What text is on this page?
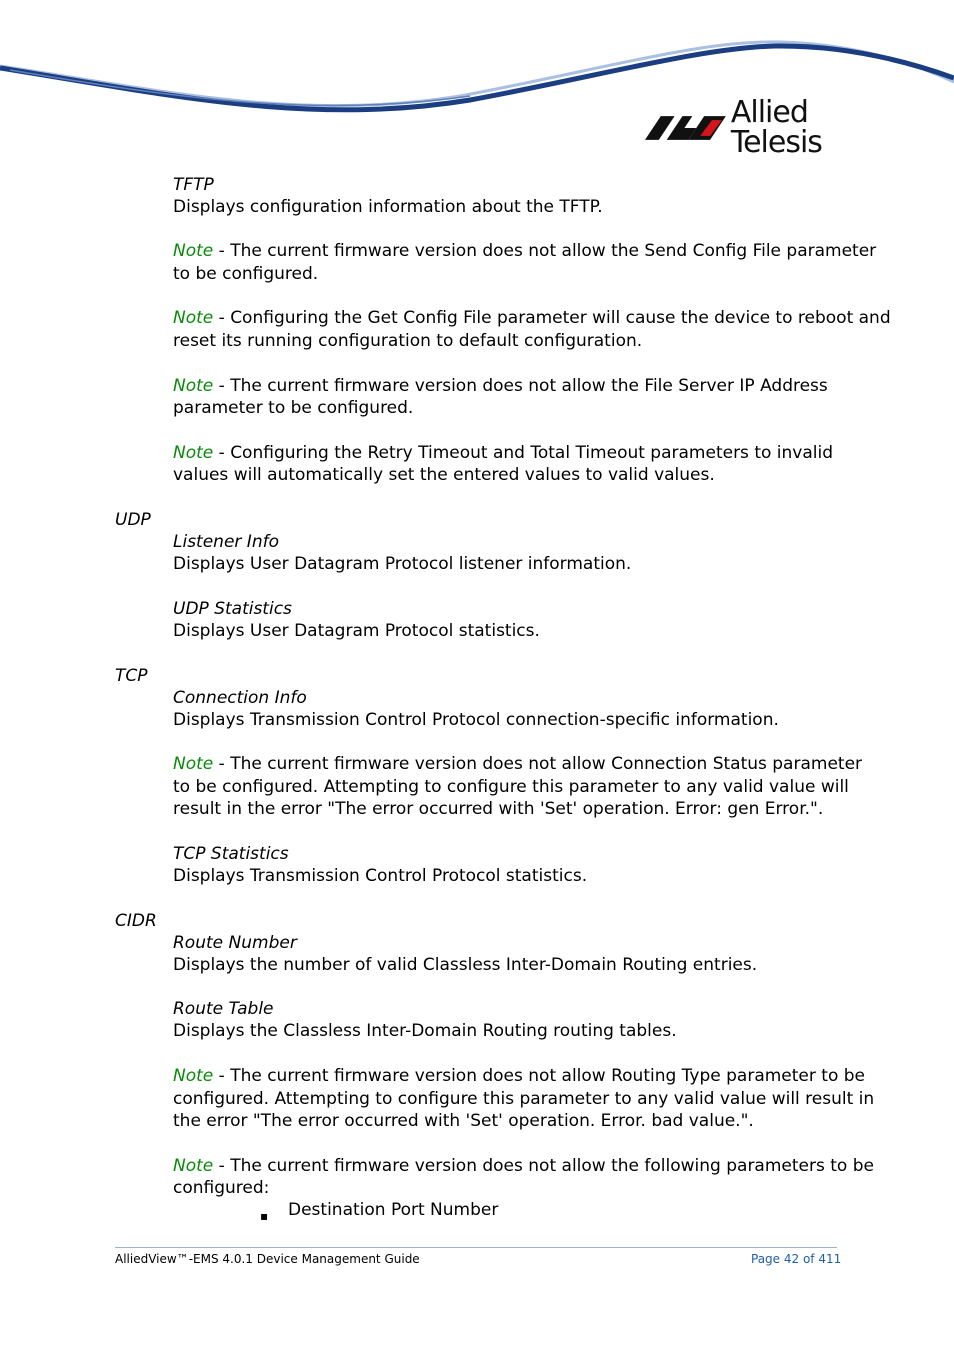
Allied Telesis
TFTP
Displays configuration information about the TFTP.
Note - The current firmware version does not allow the Send Config File parameter
to be configured.
Note - Configuring the Get Config File parameter will cause the device to reboot and
reset its running configuration to default configuration.
Note - The current firmware version does not allow the File Server IP Address
parameter to be configured.
Note - Configuring the Retry Timeout and Total Timeout parameters to invalid
values will automatically set the entered values to valid values.
UDP
Listener Info
Displays User Datagram Protocol listener information.
UDP Statistics
Displays User Datagram Protocol statistics.
TCP
Connection Info
Displays Transmission Control Protocol connection-specific information.
Note - The current firmware version does not allow Connection Status parameter
to be configured. Attempting to configure this parameter to any valid value will
result in the error "The error occurred with 'Set' operation. Error: gen Error.".
TCP Statistics
Displays Transmission Control Protocol statistics.
CIDR
Route Number
Displays the number of valid Classless Inter-Domain Routing entries.
Route Table
Displays the Classless Inter-Domain Routing routing tables.
Note - The current firmware version does not allow Routing Type parameter to be
configured. Attempting to configure this parameter to any valid value will result in
the error "The error occurred with 'Set' operation. Error. bad value.".
Note - The current firmware version does not allow the following parameters to be
configured:
▪ Destination Port Number
AlliedView™-EMS 4.0.1 Device Management Guide	Page 42 of 411
